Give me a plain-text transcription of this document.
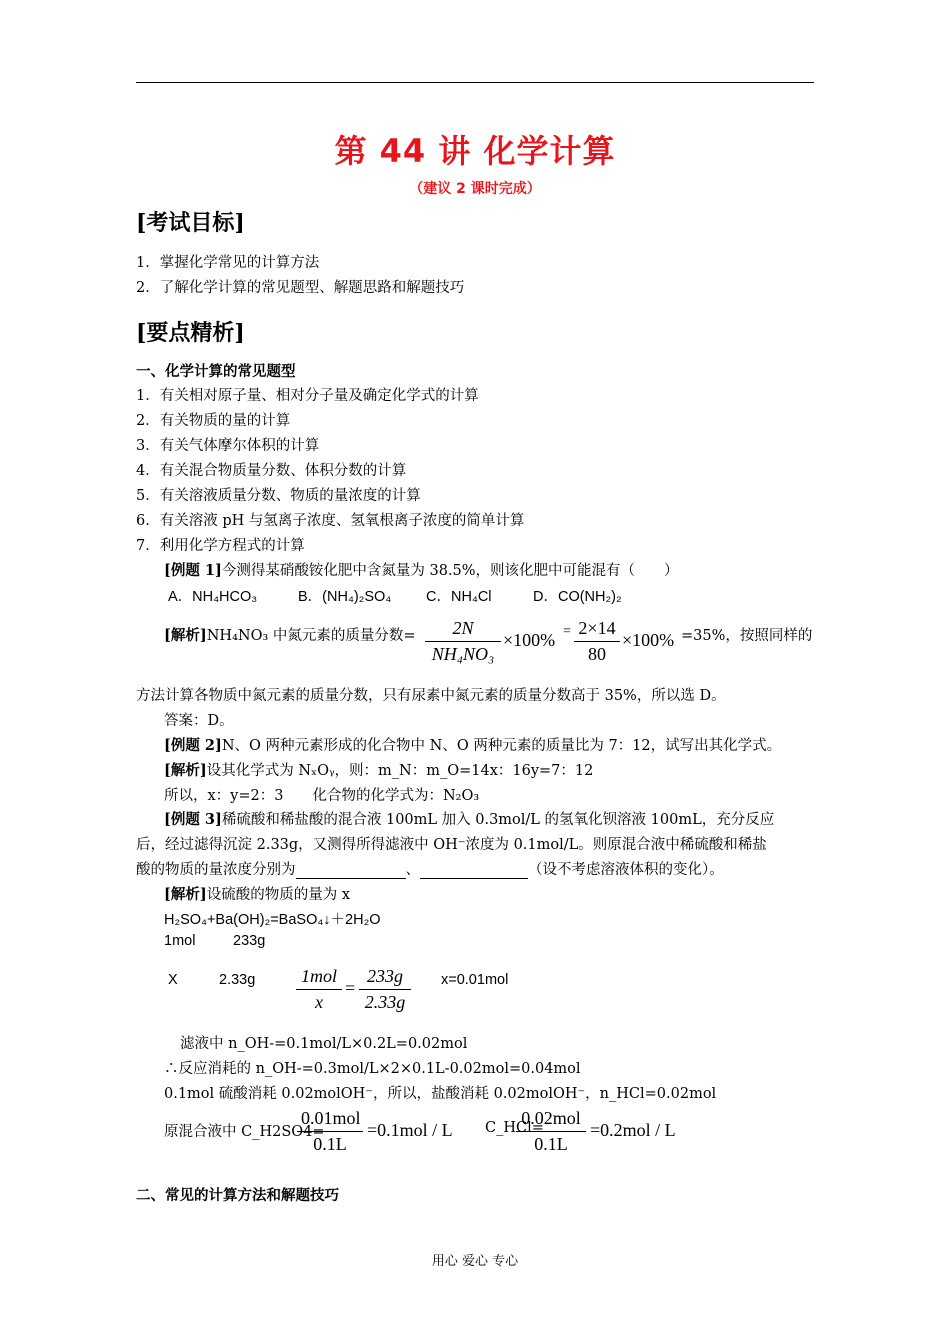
第 44 讲 化学计算
（建议 2 课时完成）
[考试目标]
1．掌握化学常见的计算方法
2．了解化学计算的常见题型、解题思路和解题技巧
[要点精析]
一、化学计算的常见题型
1．有关相对原子量、相对分子量及确定化学式的计算
2．有关物质的量的计算
3．有关气体摩尔体积的计算
4．有关混合物质量分数、体积分数的计算
5．有关溶液质量分数、物质的量浓度的计算
6．有关溶液 pH 与氢离子浓度、氢氧根离子浓度的简单计算
7．利用化学方程式的计算
[例题 1]今测得某硝酸铵化肥中含氮量为 38.5%，则该化肥中可能混有（　　）
A．NH₄HCO₃	B．(NH₄)₂SO₄ C．NH₄Cl	D．CO(NH₂)₂
[解析]NH₄NO₃ 中氮元素的质量分数=	2N
NH₄NO₃
×100% = 2×14
80
×100% =35%，按照同样的
方法计算各物质中氮元素的质量分数，只有尿素中氮元素的质量分数高于 35%，所以选 D。
答案：D。
[例题 2]N、O 两种元素形成的化合物中 N、O 两种元素的质量比为 7：12，试写出其化学式。
[解析]设其化学式为 NₓOᵧ，则：m_N：m_O=14x：16y=7：12
所以，x：y=2：3　　化合物的化学式为：N₂O₃
[例题 3]稀硫酸和稀盐酸的混合液 100mL 加入 0.3mol/L 的氢氧化钡溶液 100mL，充分反应
后，经过滤得沉淀 2.33g，又测得所得滤液中 OH⁻浓度为 0.1mol/L。则原混合液中稀硫酸和稀盐
酸的物质的量浓度分别为	、	（设不考虑溶液体积的变化）。
[解析]设硫酸的物质的量为 x
H₂SO₄+Ba(OH)₂=BaSO₄↓＋2H₂O
1mol	233g
X	2.33g	1mol
x
=
233g
2.33g
x=0.01mol
滤液中 n_OH-=0.1mol/L×0.2L=0.02mol
∴反应消耗的 n_OH-=0.3mol/L×2×0.1L-0.02mol=0.04mol
0.1mol 硫酸消耗 0.02molOH⁻，所以，盐酸消耗 0.02molOH⁻，n_HCl=0.02mol
原混合液中 C_H2SO4=
0.01mol
0.1L
=0.1mol / L C_HCl=
0.02mol
0.1L
=0.2mol / L
二、常见的计算方法和解题技巧
用心 爱心 专心
